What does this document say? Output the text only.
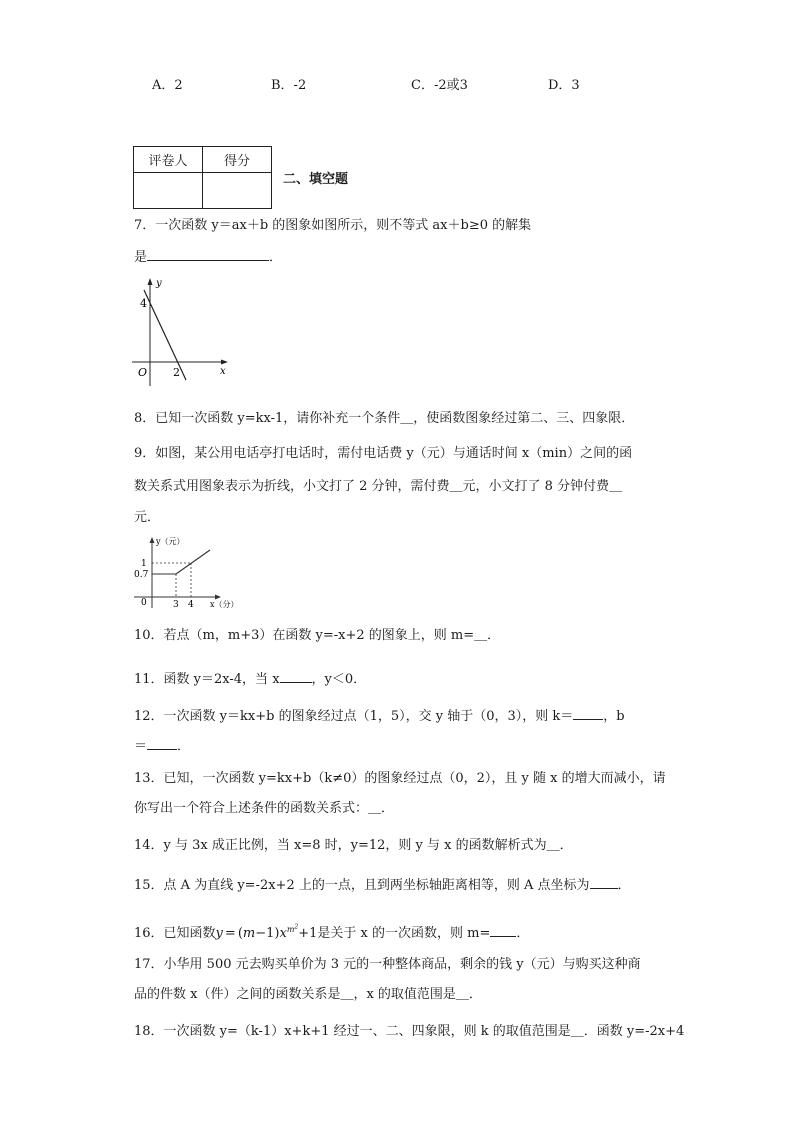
A．2	B．-2	C．-2或3	D．3
评卷人	得分

二、填空题
7．一次函数 y＝ax＋b 的图象如图所示，则不等式 ax＋b≥0 的解集
是	．
y
x
O
4
2
8．已知一次函数 y=kx-1，请你补充一个条件＿，使函数图象经过第二、三、四象限．
9．如图，某公用电话亭打电话时，需付电话费 y（元）与通话时间 x（min）之间的函
数关系式用图象表示为折线，小文打了 2 分钟，需付费＿元，小文打了 8 分钟付费＿
元．
y（元）
x（分）
0
1
0.7
3 4
10．若点（m，m+3）在函数 y=-x+2 的图象上，则 m=＿．
11．函数 y＝2x-4，当 x ，y＜0．
12．一次函数 y＝kx+b 的图象经过点（1，5），交 y 轴于（0，3），则 k＝ ，b
＝ ．
13．已知，一次函数 y=kx+b（k≠0）的图象经过点（0，2），且 y 随 x 的增大而减小，请
你写出一个符合上述条件的函数关系式：＿．
14．y 与 3x 成正比例，当 x=8 时，y=12，则 y 与 x 的函数解析式为＿．
15．点 A 为直线 y=-2x+2 上的一点，且到两坐标轴距离相等，则 A 点坐标为 ．
16．已知函数$y = (m-1)x^{m^2}+1$是关于 x 的一次函数，则 m= ．
17．小华用 500 元去购买单价为 3 元的一种整体商品，剩余的钱 y（元）与购买这种商
品的件数 x（件）之间的函数关系是＿，x 的取值范围是＿．
18．一次函数 y=（k-1）x+k+1 经过一、二、四象限，则 k 的取值范围是＿．函数 y=-2x+4
